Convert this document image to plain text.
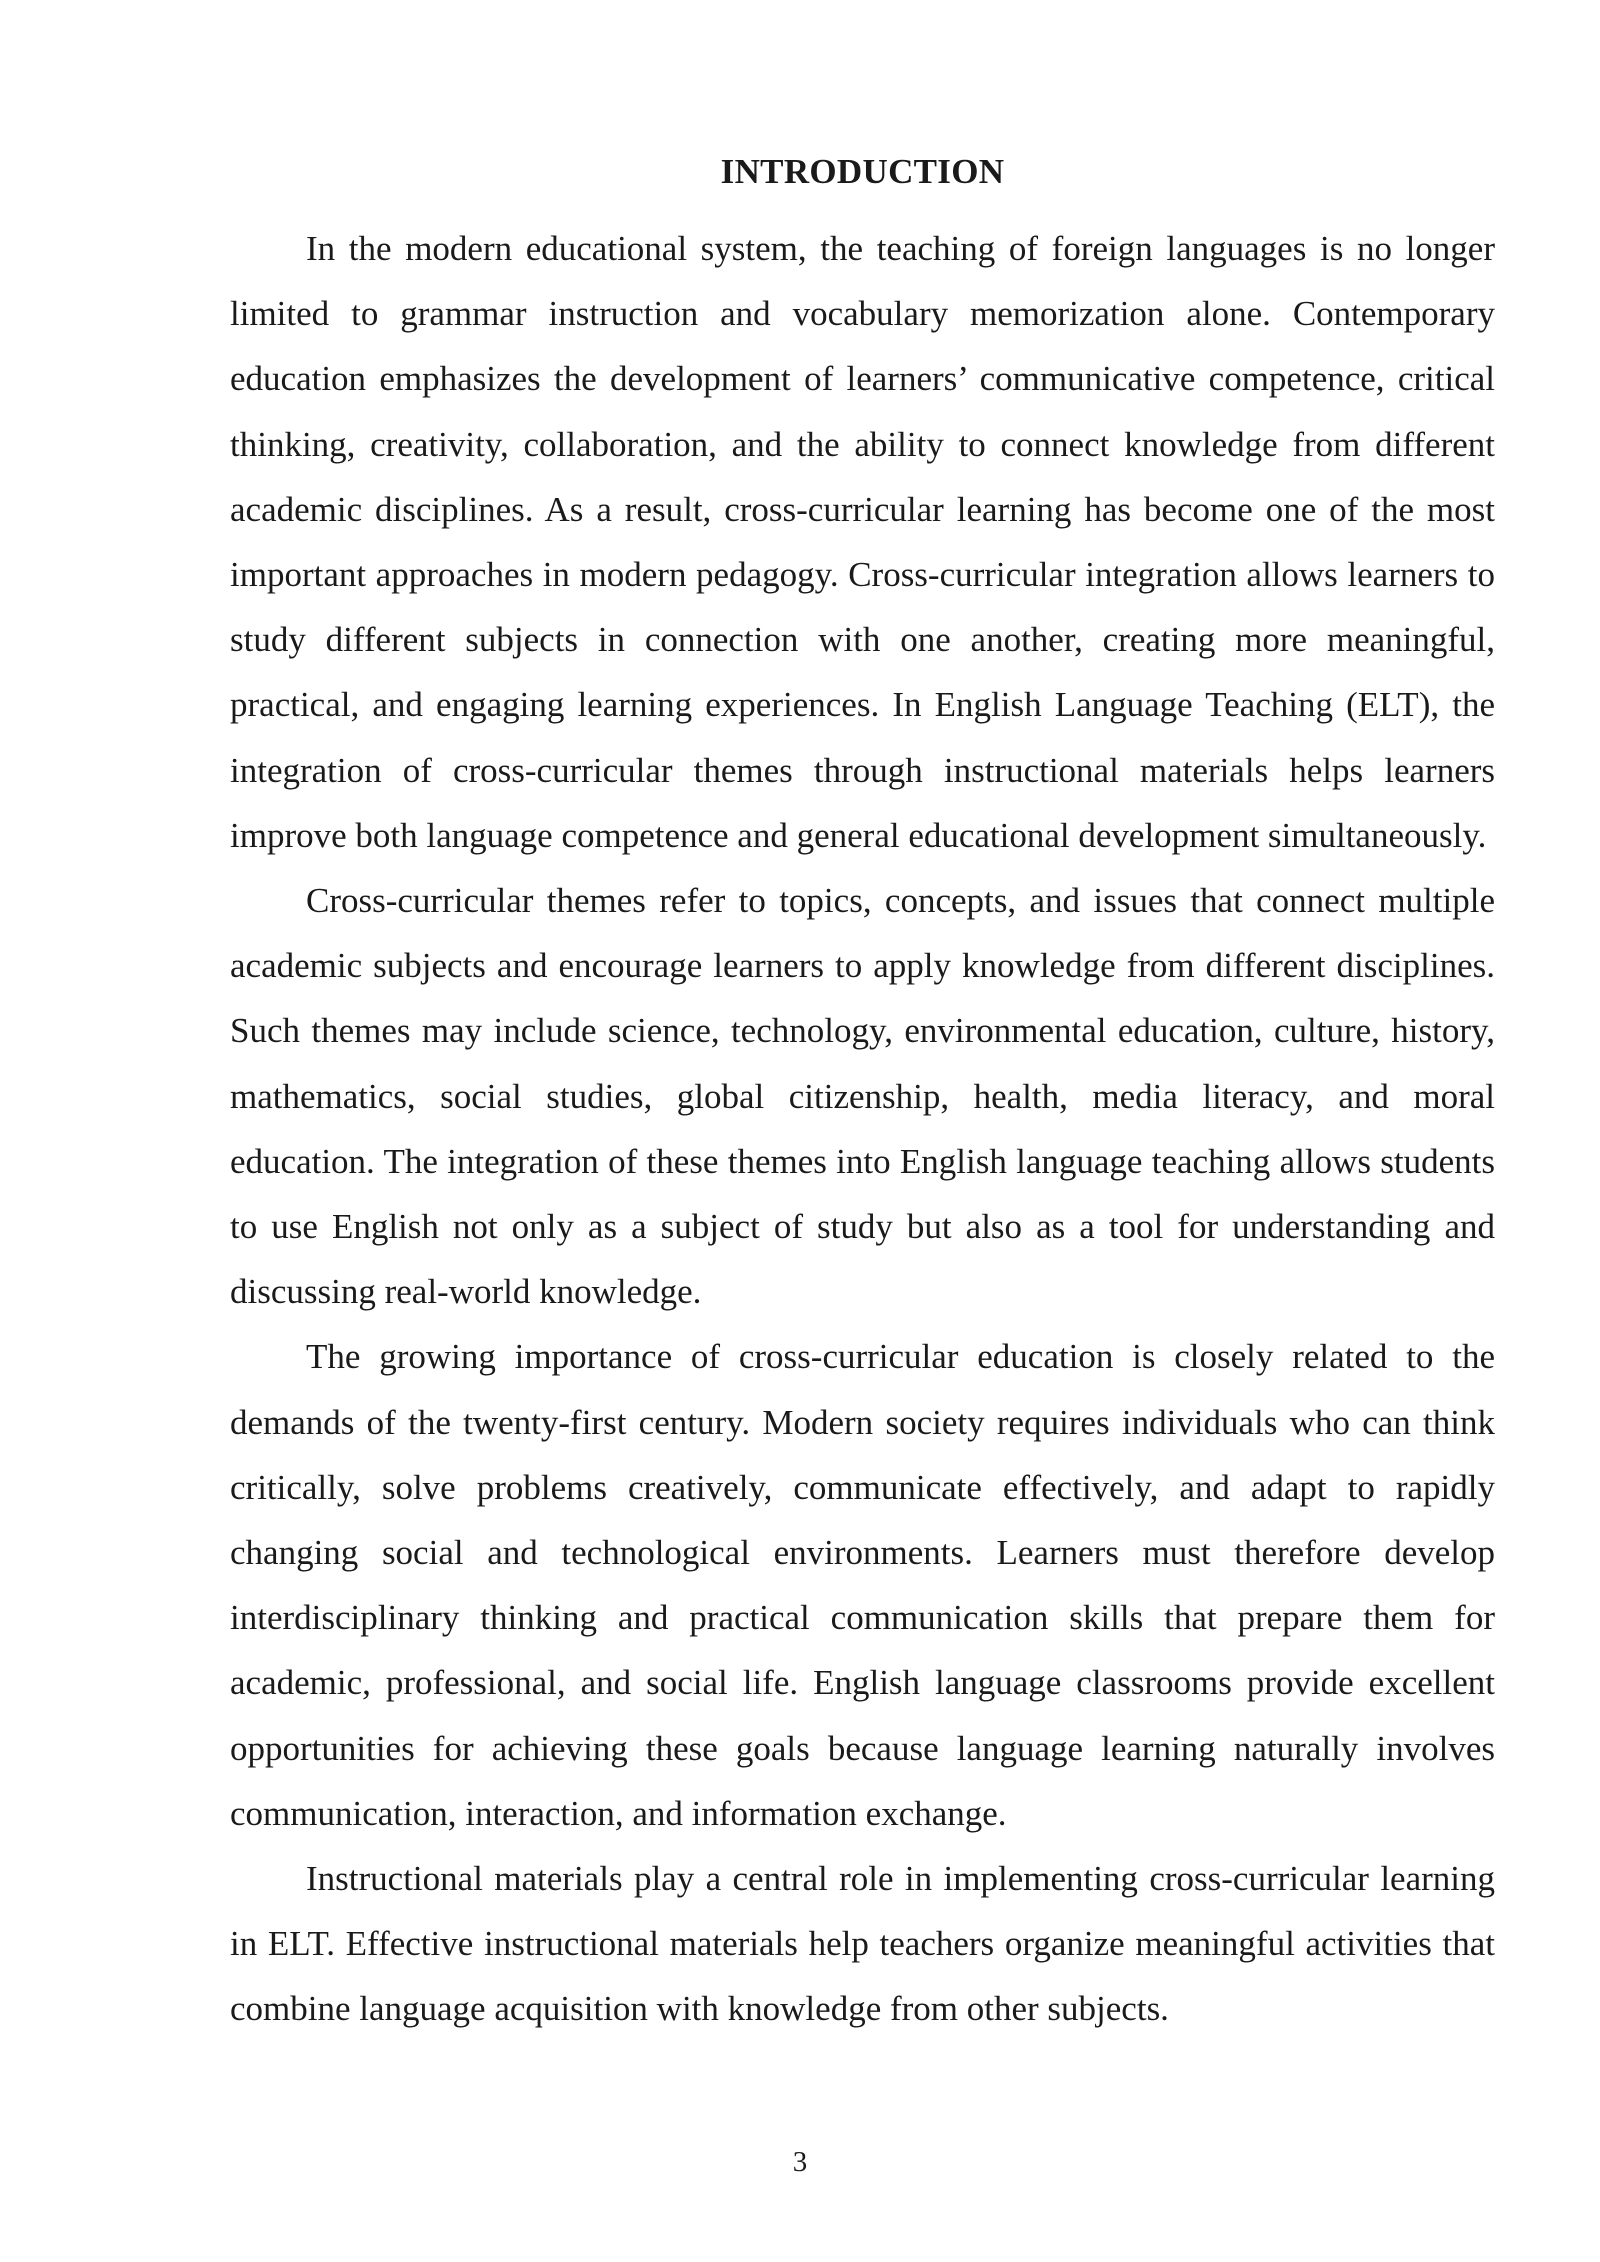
INTRODUCTION

In the modern educational system, the teaching of foreign languages is no longer limited to grammar instruction and vocabulary memorization alone. Contemporary education emphasizes the development of learners’ communicative competence, critical thinking, creativity, collaboration, and the ability to connect knowledge from different academic disciplines. As a result, cross-curricular learning has become one of the most important approaches in modern pedagogy. Cross-curricular integration allows learners to study different subjects in connection with one another, creating more meaningful, practical, and engaging learning experiences. In English Language Teaching (ELT), the integration of cross-curricular themes through instructional materials helps learners improve both language competence and general educational development simultaneously.

Cross-curricular themes refer to topics, concepts, and issues that connect multiple academic subjects and encourage learners to apply knowledge from different disciplines. Such themes may include science, technology, environmental education, culture, history, mathematics, social studies, global citizenship, health, media literacy, and moral education. The integration of these themes into English language teaching allows students to use English not only as a subject of study but also as a tool for understanding and discussing real-world knowledge.

The growing importance of cross-curricular education is closely related to the demands of the twenty-first century. Modern society requires individuals who can think critically, solve problems creatively, communicate effectively, and adapt to rapidly changing social and technological environments. Learners must therefore develop interdisciplinary thinking and practical communication skills that prepare them for academic, professional, and social life. English language classrooms provide excellent opportunities for achieving these goals because language learning naturally involves communication, interaction, and information exchange.

Instructional materials play a central role in implementing cross-curricular learning in ELT. Effective instructional materials help teachers organize meaningful activities that combine language acquisition with knowledge from other subjects.

3
